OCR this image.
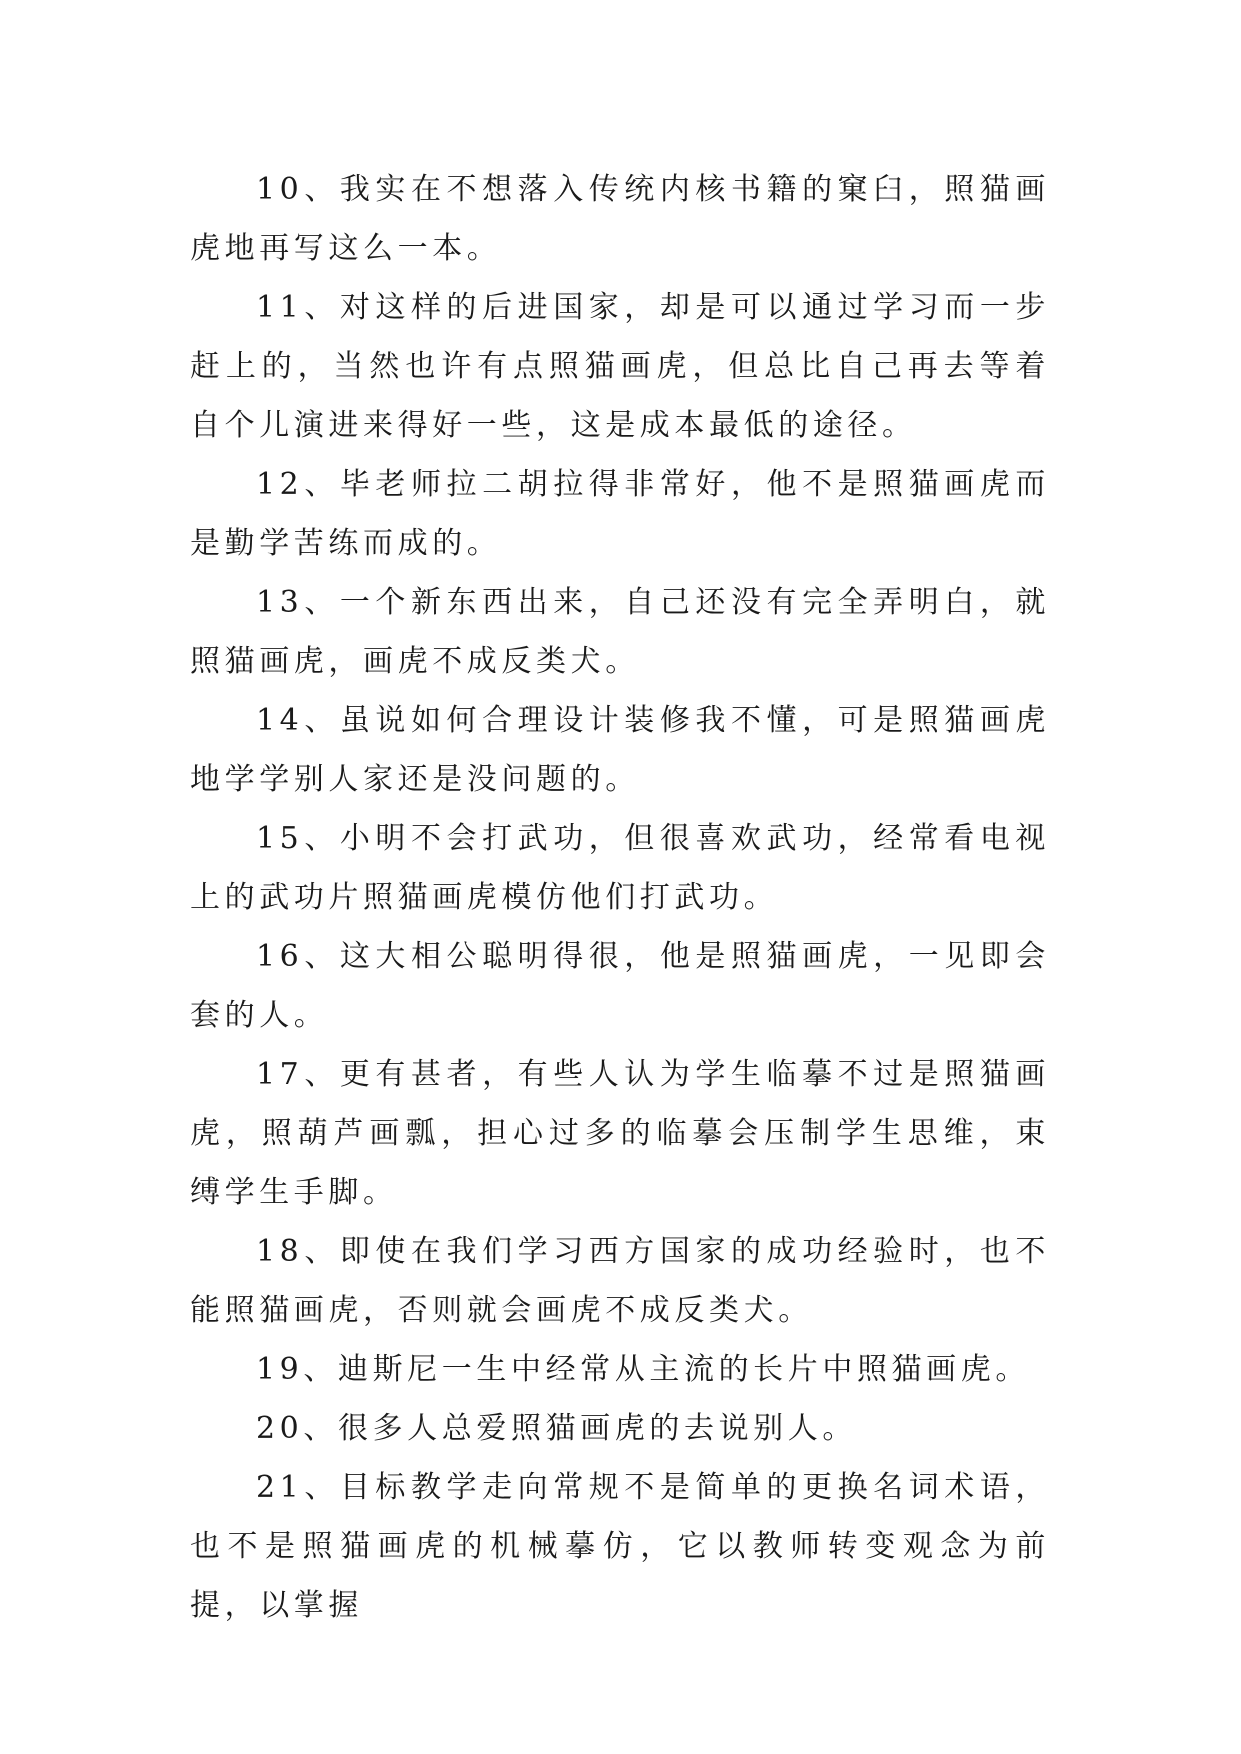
10、我实在不想落入传统内核书籍的窠臼，照猫画虎地再写这么一本。

11、对这样的后进国家，却是可以通过学习而一步赶上的，当然也许有点照猫画虎，但总比自己再去等着自个儿演进来得好一些，这是成本最低的途径。

12、毕老师拉二胡拉得非常好，他不是照猫画虎而是勤学苦练而成的。

13、一个新东西出来，自己还没有完全弄明白，就照猫画虎，画虎不成反类犬。

14、虽说如何合理设计装修我不懂，可是照猫画虎地学学别人家还是没问题的。

15、小明不会打武功，但很喜欢武功，经常看电视上的武功片照猫画虎模仿他们打武功。

16、这大相公聪明得很，他是照猫画虎，一见即会套的人。

17、更有甚者，有些人认为学生临摹不过是照猫画虎，照葫芦画瓢，担心过多的临摹会压制学生思维，束缚学生手脚。

18、即使在我们学习西方国家的成功经验时，也不能照猫画虎，否则就会画虎不成反类犬。

19、迪斯尼一生中经常从主流的长片中照猫画虎。

20、很多人总爱照猫画虎的去说别人。

21、目标教学走向常规不是简单的更换名词术语，也不是照猫画虎的机械摹仿，它以教师转变观念为前提，以掌握
